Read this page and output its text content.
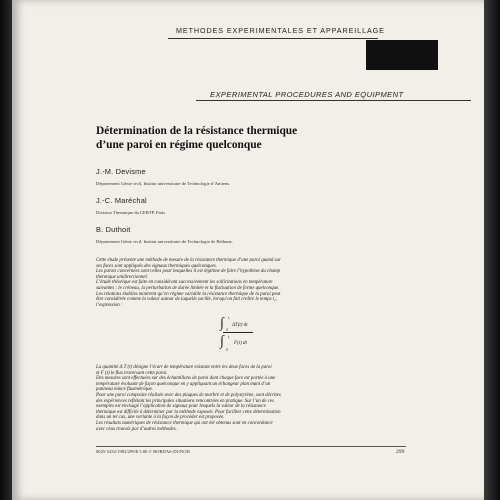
METHODES EXPERIMENTALES ET APPAREILLAGE
EXPERIMENTAL PROCEDURES AND EQUIPMENT
Détermination de la résistance thermique
d’une paroi en régime quelconque
J.-M. Devisme
Département Génie civil, Institut universitaire de Technologie d’Amiens.
J.-C. Maréchal
Division Thermique du CEBTP, Paris
B. Duthoit
Département Génie civil, Institut universitaire de Technologie de Béthune.
Cette étude présente une méthode de mesure de la résistance thermique d’une paroi quand sur
ses faces sont appliqués des signaux thermiques quelconques.
Les parois concernées sont celles pour lesquelles il est légitime de faire l’hypothèse du champ
thermique unidirectionnel.
L’étude théorique est faite en considérant successivement les sollicitations en température
suivantes : le créneau, la perturbation de durée limitée et la fluctuation de forme quelconque.
Les relations établies montrent qu’en régime variable la résistance thermique de la paroi peut
être considérée comme la valeur autour de laquelle oscille, lorsqu’on fait croître le temps t₁,
l’expression :
∫ t₁
0
ΔT(t) dt
∫ t₁
0
F(t) dt
La quantité Δ T (t) désigne l’écart de température existant entre les deux faces de la paroi
et F (t) le flux traversant cette paroi.
Des mesures sont effectuées sur des échantillons de paroi dont chaque face est portée à une
température évoluant de façon quelconque en y appliquant un échangeur plan muni d’un
panneau mince fluxmétrique.
Pour une paroi composite réalisée avec des plaques de marbre et de polystyrène, sont décrites
des expériences reflétant les principales situations rencontrées en pratique. Sur l’un de ces
exemples est envisagé l’application de signaux pour lesquels la valeur de la résistance
thermique est difficile à déterminer par la méthode exposée. Pour faciliter cette détermination
dans un tel cas, une variante à la façon de procéder est proposée.
Les résultats numériques de résistance thermique qui ont été obtenus sont en concordance
avec ceux trouvés par d’autres méthodes.
0025-5432/1982/299/$ 5.00 © BORDAS-DUNOD	299
